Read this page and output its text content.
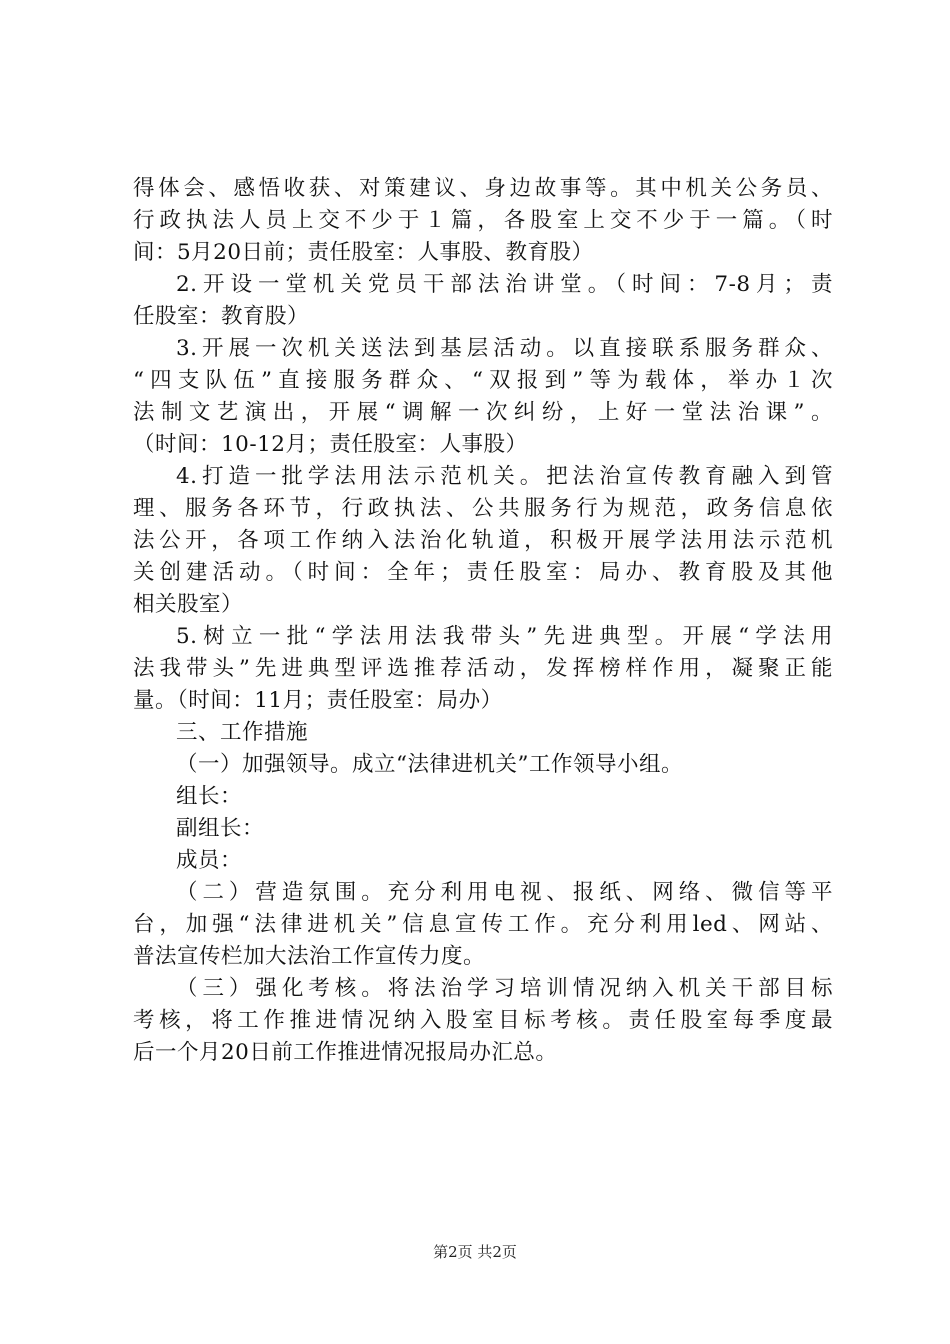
得体会、感悟收获、对策建议、身边故事等。其中机关公务员、
行政执法人员上交不少于１篇，各股室上交不少于一篇。（时
间：5月20日前；责任股室：人事股、教育股）
2.开设一堂机关党员干部法治讲堂。（时间：7-8月；责
任股室：教育股）
3.开展一次机关送法到基层活动。以直接联系服务群众、
“四支队伍”直接服务群众、“双报到”等为载体，举办１次
法制文艺演出，开展“调解一次纠纷，上好一堂法治课”。
（时间：10-12月；责任股室：人事股）
4.打造一批学法用法示范机关。把法治宣传教育融入到管
理、服务各环节，行政执法、公共服务行为规范，政务信息依
法公开，各项工作纳入法治化轨道，积极开展学法用法示范机
关创建活动。（时间：全年；责任股室：局办、教育股及其他
相关股室）
5.树立一批“学法用法我带头”先进典型。开展“学法用
法我带头”先进典型评选推荐活动，发挥榜样作用，凝聚正能
量。（时间：11月；责任股室：局办）
三、工作措施
（一）加强领导。成立“法律进机关”工作领导小组。
组长：
副组长：
成员：
（二）营造氛围。充分利用电视、报纸、网络、微信等平
台，加强“法律进机关”信息宣传工作。充分利用led、网站、
普法宣传栏加大法治工作宣传力度。
（三）强化考核。将法治学习培训情况纳入机关干部目标
考核，将工作推进情况纳入股室目标考核。责任股室每季度最
后一个月20日前工作推进情况报局办汇总。
第2页 共2页
